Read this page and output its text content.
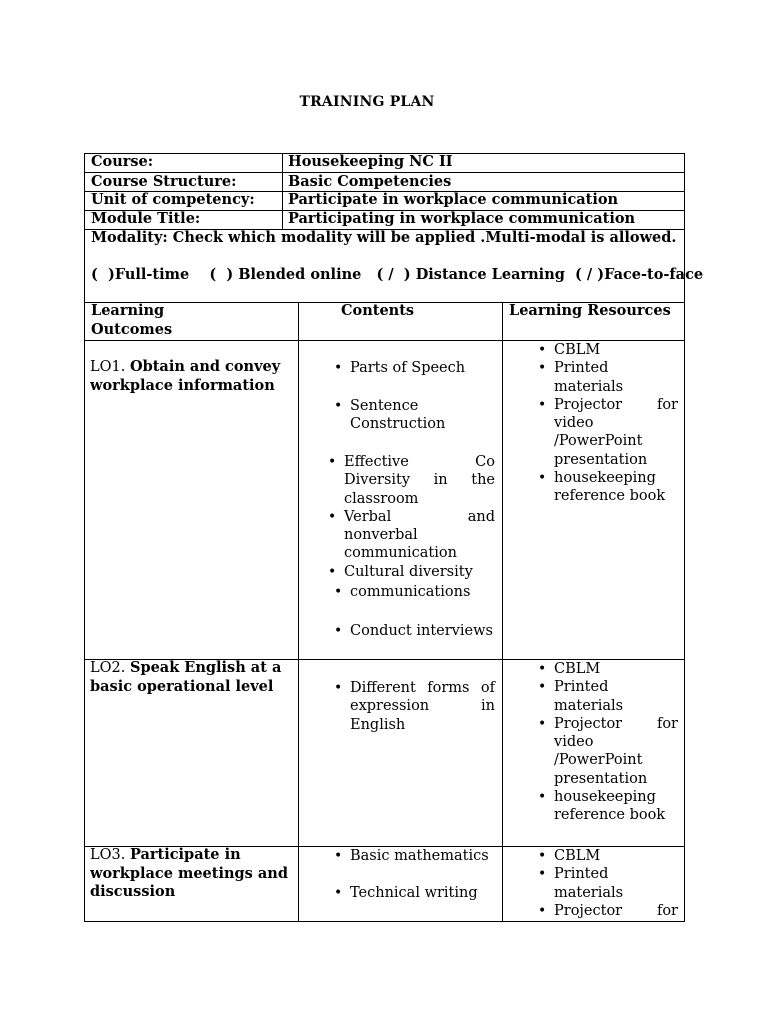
TRAINING PLAN
Course:	Housekeeping NC II
Course Structure:	Basic Competencies
Unit of competency: Participate in workplace communication
Module Title:	Participating in workplace communication
Modality: Check which modality will be applied .Multi-modal is allowed.
(  )Full-time    (  ) Blended online   ( /  ) Distance Learning  ( / )Face-to-face
Learning
Outcomes
Contents	Learning Resources
LO1. Obtain and convey workplace information
• Parts of Speech
• Sentence Construction
• Effective Co Diversity in the classroom
• Verbal and nonverbal communication
• Cultural diversity
• communications
• Conduct interviews
• CBLM
• Printed materials
• Projector for video /PowerPoint presentation
• housekeeping reference book
LO2. Speak English at a basic operational level
•	Different forms of expression in English
• CBLM
• Printed materials
• Projector for video /PowerPoint presentation
• housekeeping reference book
LO3. Participate in workplace meetings and discussion
• Basic mathematics
• Technical writing
• CBLM
• Printed materials
• Projector for
